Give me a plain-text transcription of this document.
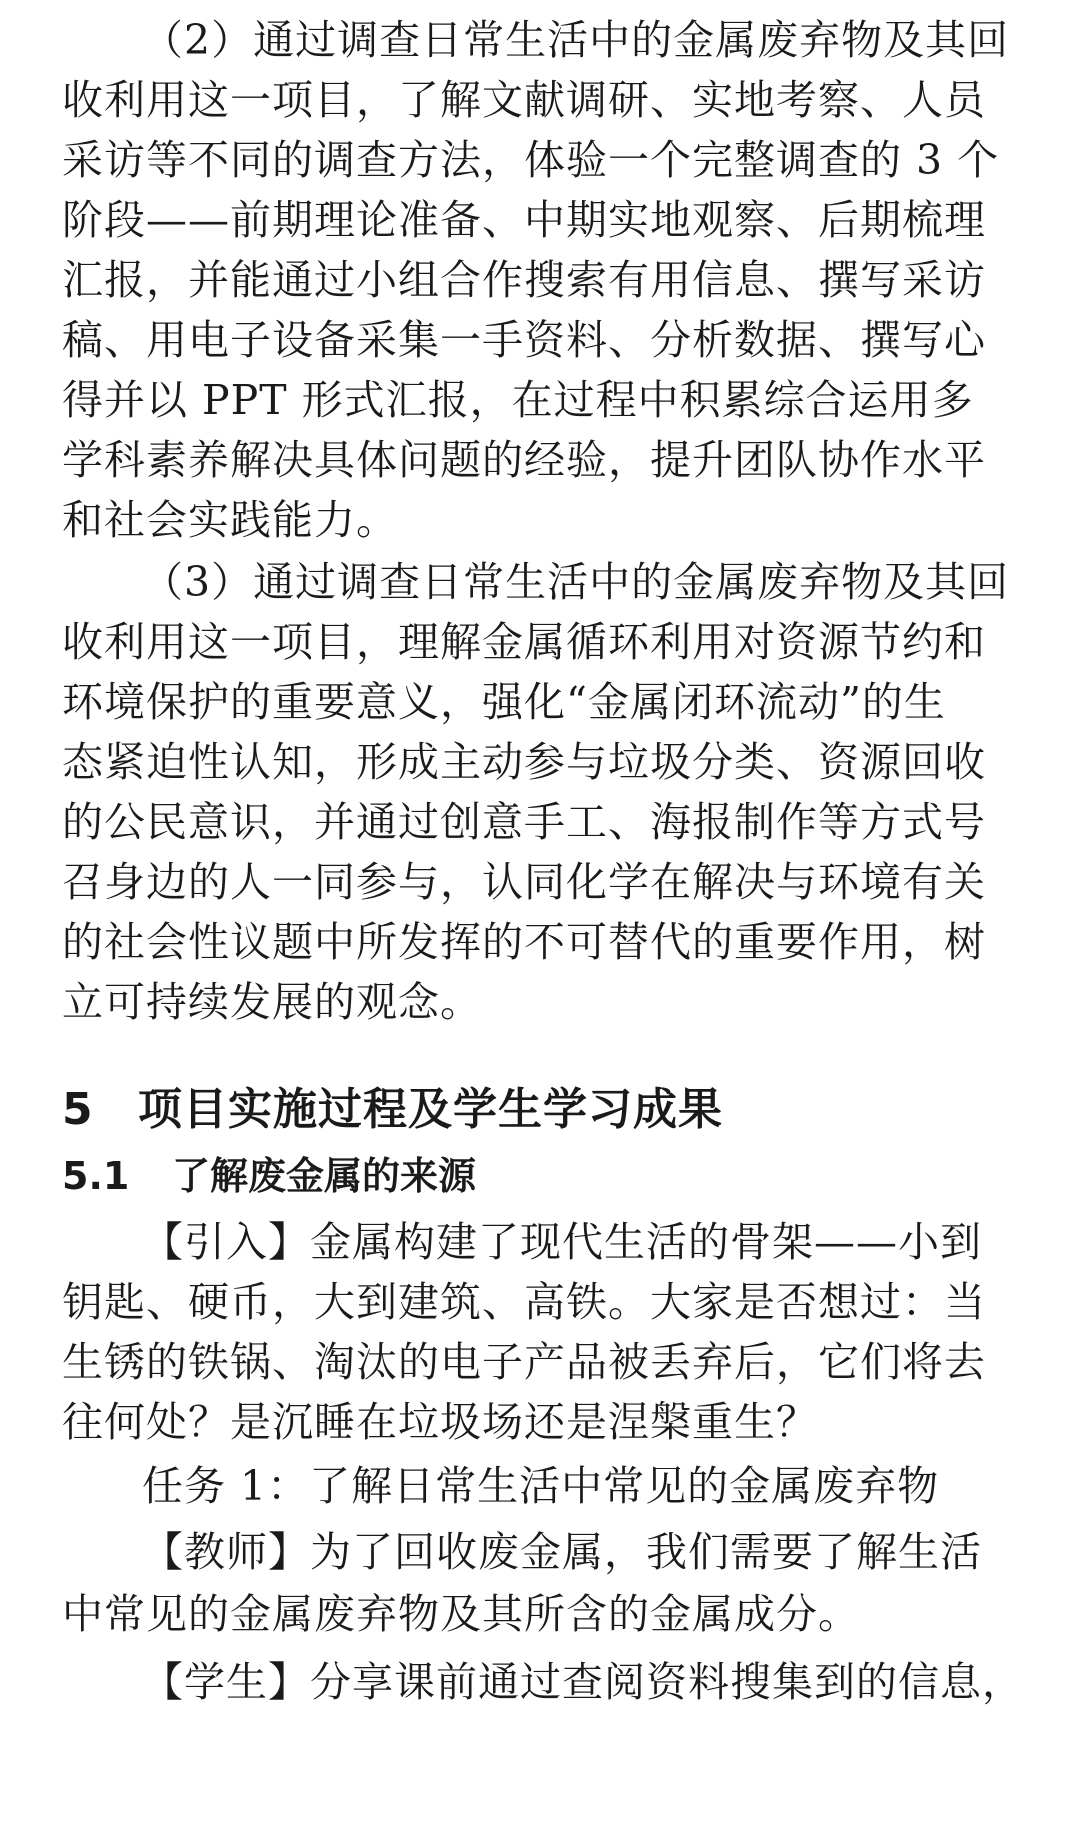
（2）通过调查日常生活中的金属废弃物及其回
收利用这一项目，了解文献调研、实地考察、人员
采访等不同的调查方法，体验一个完整调查的 3 个
阶段——前期理论准备、中期实地观察、后期梳理
汇报，并能通过小组合作搜索有用信息、撰写采访
稿、用电子设备采集一手资料、分析数据、撰写心
得并以 PPT 形式汇报，在过程中积累综合运用多
学科素养解决具体问题的经验，提升团队协作水平
和社会实践能力。
（3）通过调查日常生活中的金属废弃物及其回
收利用这一项目，理解金属循环利用对资源节约和
环境保护的重要意义，强化“金属闭环流动”的生
态紧迫性认知，形成主动参与垃圾分类、资源回收
的公民意识，并通过创意手工、海报制作等方式号
召身边的人一同参与，认同化学在解决与环境有关
的社会性议题中所发挥的不可替代的重要作用，树
立可持续发展的观念。
5 项目实施过程及学生学习成果
5.1 了解废金属的来源
【引入】金属构建了现代生活的骨架——小到
钥匙、硬币，大到建筑、高铁。大家是否想过：当
生锈的铁锅、淘汰的电子产品被丢弃后，它们将去
往何处？是沉睡在垃圾场还是涅槃重生？
任务 1：了解日常生活中常见的金属废弃物
【教师】为了回收废金属，我们需要了解生活
中常见的金属废弃物及其所含的金属成分。
【学生】分享课前通过查阅资料搜集到的信息，
